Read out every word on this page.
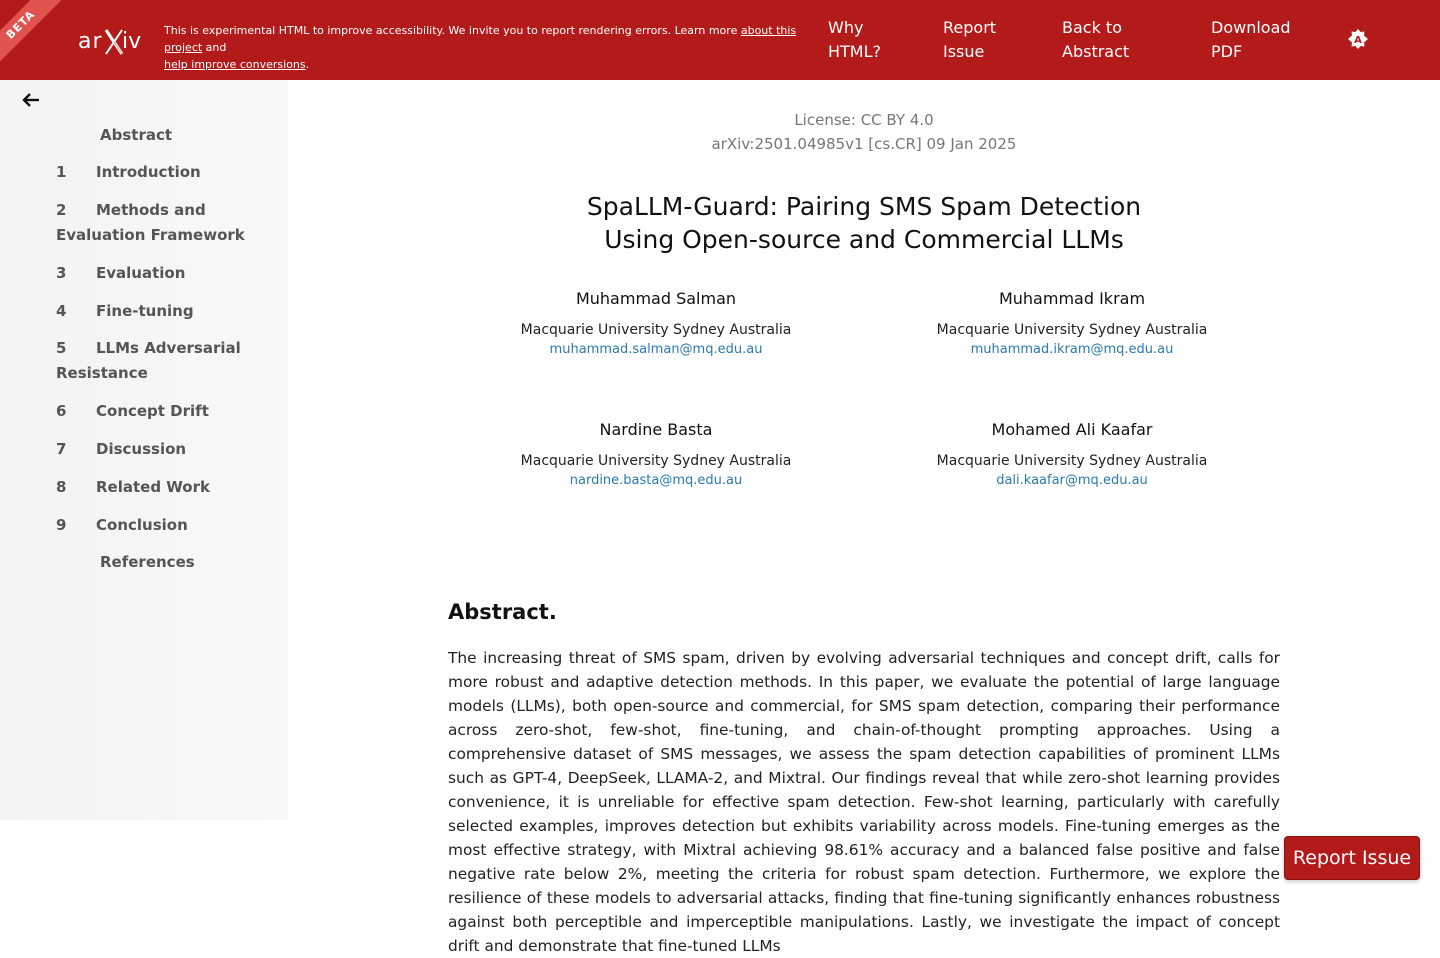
BETA	ar iv This is experimental HTML to improve accessibility. We invite you to report rendering errors. Learn more about this project and
help improve conversions.
Why HTML?
Report Issue
Back to Abstract
Download PDF
A
Abstract
1 Introduction
2 Methods and Evaluation Framework
3 Evaluation
4 Fine-tuning
5 LLMs Adversarial Resistance
6 Concept Drift
7 Discussion
8 Related Work
9 Conclusion
References
License: CC BY 4.0
arXiv:2501.04985v1 [cs.CR] 09 Jan 2025
SpaLLM-Guard: Pairing SMS Spam Detection
Using Open-source and Commercial LLMs
Muhammad Salman
Macquarie University Sydney Australia
muhammad.salman@mq.edu.au
Muhammad Ikram
Macquarie University Sydney Australia
muhammad.ikram@mq.edu.au
Nardine Basta
Macquarie University Sydney Australia
nardine.basta@mq.edu.au
Mohamed Ali Kaafar
Macquarie University Sydney Australia
dali.kaafar@mq.edu.au
Abstract.
The increasing threat of SMS spam, driven by evolving adversarial techniques and concept drift, calls for more robust and adaptive detection methods. In this paper, we evaluate the potential of large language models (LLMs), both open-source and commercial, for SMS spam detection, comparing their performance across zero-shot, few-shot, fine-tuning, and chain-of-thought prompting approaches. Using a comprehensive dataset of SMS messages, we assess the spam detection capabilities of prominent LLMs such as GPT-4, DeepSeek, LLAMA-2, and Mixtral. Our findings reveal that while zero-shot learning provides convenience, it is unreliable for effective spam detection. Few-shot learning, particularly with carefully selected examples, improves detection but exhibits variability across models. Fine-tuning emerges as the most effective strategy, with Mixtral achieving 98.61% accuracy and a balanced false positive and false negative rate below 2%, meeting the criteria for robust spam detection. Furthermore, we explore the resilience of these models to adversarial attacks, finding that fine-tuning significantly enhances robustness against both perceptible and imperceptible manipulations. Lastly, we investigate the impact of concept drift and demonstrate that fine-tuned LLMs
Report Issue
